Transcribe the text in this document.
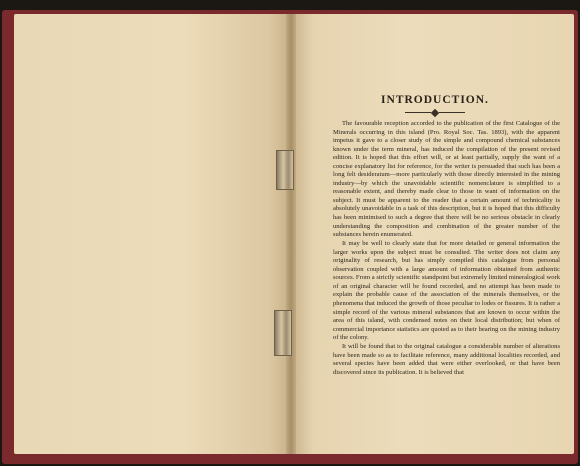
INTRODUCTION.

The favourable reception accorded to the publication of the first Catalogue of the Minerals occurring in this island (Pro. Royal Soc. Tas. 1893), with the apparent impetus it gave to a closer study of the simple and compound chemical substances known under the term mineral, has induced the compilation of the present revised edition. It is hoped that this effort will, or at least partially, supply the want of a concise explanatory list for reference, for the writer is persuaded that such has been a long felt desideratum—more particularly with those directly interested in the mining industry—by which the unavoidable scientific nomenclature is simplified to a reasonable extent, and thereby made clear to those in want of information on the subject. It must be apparent to the reader that a certain amount of technicality is absolutely unavoidable in a task of this description, but it is hoped that this difficulty has been minimised to such a degree that there will be no serious obstacle in clearly understanding the composition and combination of the greater number of the substances herein enumerated.

It may be well to clearly state that for more detailed or general information the larger works upon the subject must be consulted. The writer does not claim any originality of research, but has simply compiled this catalogue from personal observation coupled with a large amount of information obtained from authentic sources. From a strictly scientific standpoint but extremely limited mineralogical work of an original character will be found recorded, and no attempt has been made to explain the probable cause of the association of the minerals themselves, or the phenomena that induced the growth of those peculiar to lodes or fissures. It is rather a simple record of the various mineral substances that are known to occur within the area of this island, with condensed notes on their local distribution; but when of commercial importance statistics are quoted as to their bearing on the mining industry of the colony.

It will be found that to the original catalogue a considerable number of alterations have been made so as to facilitate reference, many additional localities recorded, and several species have been added that were either overlooked, or that have been discovered since its publication. It is believed that
